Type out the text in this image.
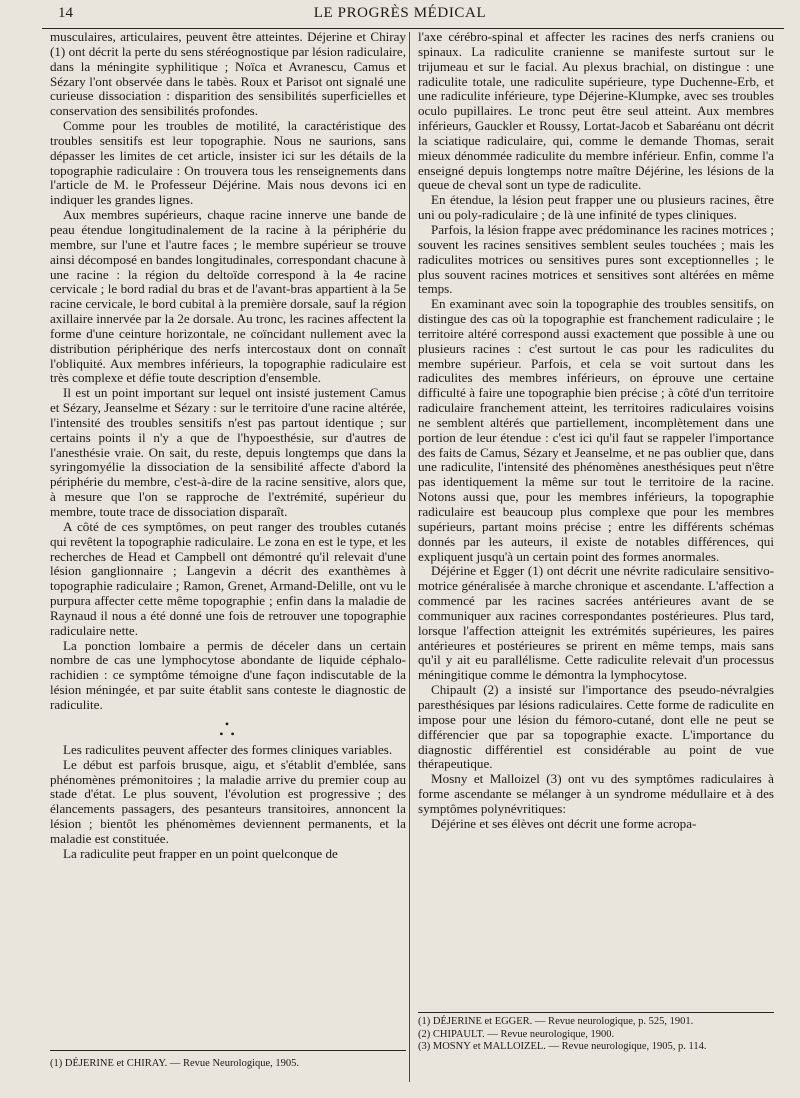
14	LE PROGRÈS MÉDICAL

musculaires, articulaires, peuvent être atteintes. Déjerine et Chiray (1) ont décrit la perte du sens stéréognostique par lésion radiculaire, dans la méningite syphilitique ; Noïca et Avranescu, Camus et Sézary l'ont observée dans le tabès. Roux et Parisot ont signalé une curieuse dissociation : disparition des sensibilités superficielles et conservation des sensibilités profondes.

Comme pour les troubles de motilité, la caractéristique des troubles sensitifs est leur topographie. Nous ne saurions, sans dépasser les limites de cet article, insister ici sur les détails de la topographie radiculaire : On trouvera tous les renseignements dans l'article de M. le Professeur Déjérine. Mais nous devons ici en indiquer les grandes lignes.

Aux membres supérieurs, chaque racine innerve une bande de peau étendue longitudinalement de la racine à la périphérie du membre, sur l'une et l'autre faces ; le membre supérieur se trouve ainsi décomposé en bandes longitudinales, correspondant chacune à une racine : la région du deltoïde correspond à la 4e racine cervicale ; le bord radial du bras et de l'avant-bras appartient à la 5e racine cervicale, le bord cubital à la première dorsale, sauf la région axillaire innervée par la 2e dorsale. Au tronc, les racines affectent la forme d'une ceinture horizontale, ne coïncidant nullement avec la distribution périphérique des nerfs intercostaux dont on connaît l'obliquité. Aux membres inférieurs, la topographie radiculaire est très complexe et défie toute description d'ensemble.

Il est un point important sur lequel ont insisté justement Camus et Sézary, Jeanselme et Sézary : sur le territoire d'une racine altérée, l'intensité des troubles sensitifs n'est pas partout identique ; sur certains points il n'y a que de l'hypoesthésie, sur d'autres de l'anesthésie vraie. On sait, du reste, depuis longtemps que dans la syringomyélie la dissociation de la sensibilité affecte d'abord la périphérie du membre, c'est-à-dire de la racine sensitive, alors que, à mesure que l'on se rapproche de l'extrémité, supérieur du membre, toute trace de dissociation disparaît.

A côté de ces symptômes, on peut ranger des troubles cutanés qui revêtent la topographie radiculaire. Le zona en est le type, et les recherches de Head et Campbell ont démontré qu'il relevait d'une lésion ganglionnaire ; Langevin a décrit des exanthèmes à topographie radiculaire ; Ramon, Grenet, Armand-Delille, ont vu le purpura affecter cette même topographie ; enfin dans la maladie de Raynaud il nous a été donné une fois de retrouver une topographie radiculaire nette.

La ponction lombaire a permis de déceler dans un certain nombre de cas une lymphocytose abondante de liquide céphalo-rachidien : ce symptôme témoigne d'une façon indiscutable de la lésion méningée, et par suite établit sans conteste le diagnostic de radiculite.

•
• •

Les radiculites peuvent affecter des formes cliniques variables.

Le début est parfois brusque, aigu, et s'établit d'emblée, sans phénomènes prémonitoires ; la maladie arrive du premier coup au stade d'état. Le plus souvent, l'évolution est progressive ; des élancements passagers, des pesanteurs transitoires, annoncent la lésion ; bientôt les phénomèmes deviennent permanents, et la maladie est constituée.

La radiculite peut frapper en un point quelconque de

l'axe cérébro-spinal et affecter les racines des nerfs craniens ou spinaux. La radiculite cranienne se manifeste surtout sur le trijumeau et sur le facial. Au plexus brachial, on distingue : une radiculite totale, une radiculite supérieure, type Duchenne-Erb, et une radiculite inférieure, type Déjerine-Klumpke, avec ses troubles oculo pupillaires. Le tronc peut être seul atteint. Aux membres inférieurs, Gauckler et Roussy, Lortat-Jacob et Sabaréanu ont décrit la sciatique radiculaire, qui, comme le demande Thomas, serait mieux dénommée radiculite du membre inférieur. Enfin, comme l'a enseigné depuis longtemps notre maître Déjérine, les lésions de la queue de cheval sont un type de radiculite.

En étendue, la lésion peut frapper une ou plusieurs racines, être uni ou poly-radiculaire ; de là une infinité de types cliniques.

Parfois, la lésion frappe avec prédominance les racines motrices ; souvent les racines sensitives semblent seules touchées ; mais les radiculites motrices ou sensitives pures sont exceptionnelles ; le plus souvent racines motrices et sensitives sont altérées en même temps.

En examinant avec soin la topographie des troubles sensitifs, on distingue des cas où la topographie est franchement radiculaire ; le territoire altéré correspond aussi exactement que possible à une ou plusieurs racines : c'est surtout le cas pour les radiculites du membre supérieur. Parfois, et cela se voit surtout dans les radiculites des membres inférieurs, on éprouve une certaine difficulté à faire une topographie bien précise ; à côté d'un territoire radiculaire franchement atteint, les territoires radiculaires voisins ne semblent altérés que partiellement, incomplètement dans une portion de leur étendue : c'est ici qu'il faut se rappeler l'importance des faits de Camus, Sézary et Jeanselme, et ne pas oublier que, dans une radiculite, l'intensité des phénomènes anesthésiques peut n'être pas identiquement la même sur tout le territoire de la racine. Notons aussi que, pour les membres inférieurs, la topographie radiculaire est beaucoup plus complexe que pour les membres supérieurs, partant moins précise ; entre les différents schémas donnés par les auteurs, il existe de notables différences, qui expliquent jusqu'à un certain point des formes anormales.

Déjérine et Egger (1) ont décrit une névrite radiculaire sensitivo-motrice généralisée à marche chronique et ascendante. L'affection a commencé par les racines sacrées antérieures avant de se communiquer aux racines correspondantes postérieures. Plus tard, lorsque l'affection atteignit les extrémités supérieures, les paires antérieures et postérieures se prirent en même temps, mais sans qu'il y ait eu parallélisme. Cette radiculite relevait d'un processus méningitique comme le démontra la lymphocytose.

Chipault (2) a insisté sur l'importance des pseudo-névralgies paresthésiques par lésions radiculaires. Cette forme de radiculite en impose pour une lésion du fémoro-cutané, dont elle ne peut se différencier que par sa topographie exacte. L'importance du diagnostic différentiel est considérable au point de vue thérapeutique.

Mosny et Malloizel (3) ont vu des symptômes radiculaires à forme ascendante se mélanger à un syndrome médullaire et à des symptômes polynévritiques:

Déjérine et ses élèves ont décrit une forme acropa-

(1) DÉJERINE et CHIRAY. — Revue Neurologique, 1905.
(1) DÉJERINE et EGGER. — Revue neurologique, p. 525, 1901.
(2) CHIPAULT. — Revue neurologique, 1900.
(3) MOSNY et MALLOIZEL. — Revue neurologique, 1905, p. 114.
